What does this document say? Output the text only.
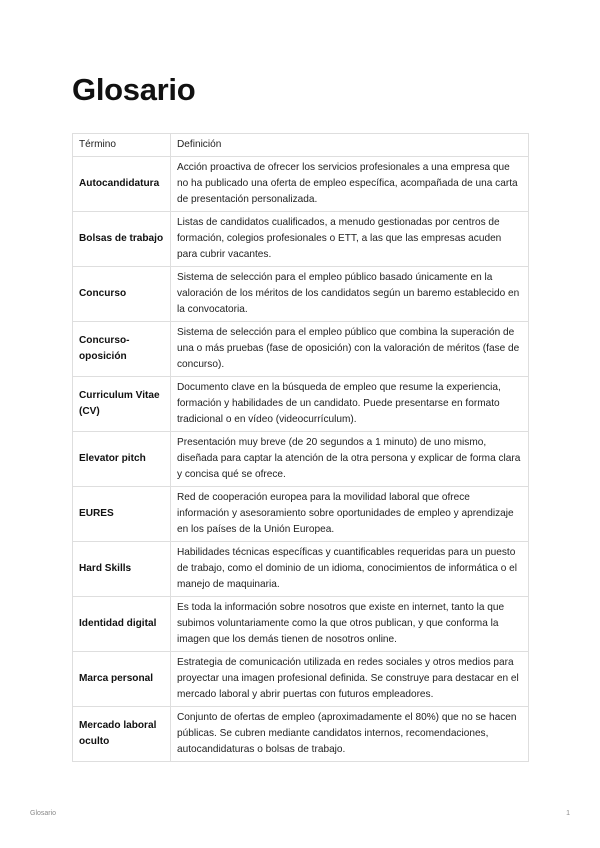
Glosario
Término	Definición
Autocandidatura	Acción proactiva de ofrecer los servicios profesionales a una empresa que no ha publicado una oferta de empleo específica, acompañada de una carta de presentación personalizada.
Bolsas de trabajo	Listas de candidatos cualificados, a menudo gestionadas por centros de formación, colegios profesionales o ETT, a las que las empresas acuden para cubrir vacantes.
Concurso	Sistema de selección para el empleo público basado únicamente en la valoración de los méritos de los candidatos según un baremo establecido en la convocatoria.
Concurso-oposición	Sistema de selección para el empleo público que combina la superación de una o más pruebas (fase de oposición) con la valoración de méritos (fase de concurso).
Curriculum Vitae (CV)	Documento clave en la búsqueda de empleo que resume la experiencia, formación y habilidades de un candidato. Puede presentarse en formato tradicional o en vídeo (videocurrículum).
Elevator pitch	Presentación muy breve (de 20 segundos a 1 minuto) de uno mismo, diseñada para captar la atención de la otra persona y explicar de forma clara y concisa qué se ofrece.
EURES	Red de cooperación europea para la movilidad laboral que ofrece información y asesoramiento sobre oportunidades de empleo y aprendizaje en los países de la Unión Europea.
Hard Skills	Habilidades técnicas específicas y cuantificables requeridas para un puesto de trabajo, como el dominio de un idioma, conocimientos de informática o el manejo de maquinaria.
Identidad digital	Es toda la información sobre nosotros que existe en internet, tanto la que subimos voluntariamente como la que otros publican, y que conforma la imagen que los demás tienen de nosotros online.
Marca personal	Estrategia de comunicación utilizada en redes sociales y otros medios para proyectar una imagen profesional definida. Se construye para destacar en el mercado laboral y abrir puertas con futuros empleadores.
Mercado laboral oculto	Conjunto de ofertas de empleo (aproximadamente el 80%) que no se hacen públicas. Se cubren mediante candidatos internos, recomendaciones, autocandidaturas o bolsas de trabajo.
Glosario	1
